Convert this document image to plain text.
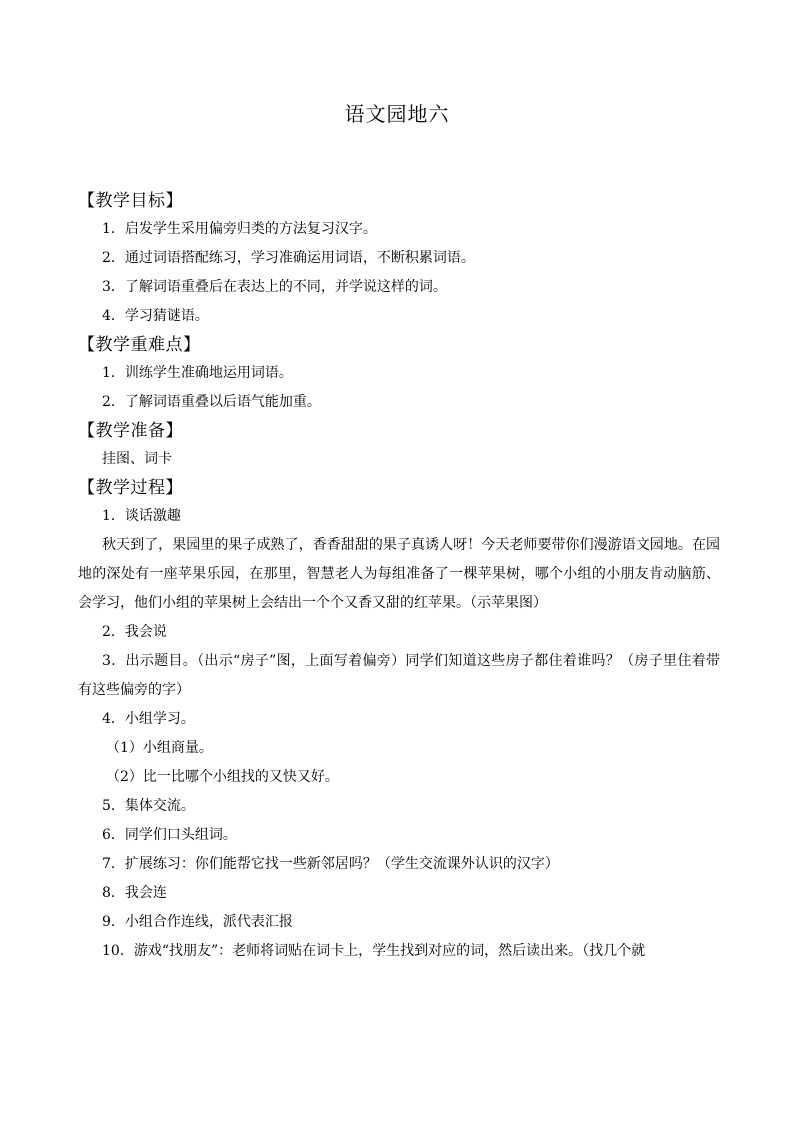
语文园地六
【教学目标】
1．启发学生采用偏旁归类的方法复习汉字。
2．通过词语搭配练习，学习准确运用词语，不断积累词语。
3．了解词语重叠后在表达上的不同，并学说这样的词。
4．学习猜谜语。
【教学重难点】
1．训练学生准确地运用词语。
2．了解词语重叠以后语气能加重。
【教学准备】
挂图、词卡
【教学过程】
1．谈话激趣
秋天到了，果园里的果子成熟了，香香甜甜的果子真诱人呀！今天老师要带你们漫游语文园地。在园地的深处有一座苹果乐园，在那里，智慧老人为每组准备了一棵苹果树，哪个小组的小朋友肯动脑筋、会学习，他们小组的苹果树上会结出一个个又香又甜的红苹果。（示苹果图）
2．我会说
3．出示题目。（出示“房子”图，上面写着偏旁）同学们知道这些房子都住着谁吗？（房子里住着带有这些偏旁的字）
4．小组学习。
（1）小组商量。
（2）比一比哪个小组找的又快又好。
5．集体交流。
6．同学们口头组词。
7．扩展练习：你们能帮它找一些新邻居吗？（学生交流课外认识的汉字）
8．我会连
9．小组合作连线，派代表汇报
10．游戏“找朋友”：老师将词贴在词卡上，学生找到对应的词，然后读出来。（找几个就
